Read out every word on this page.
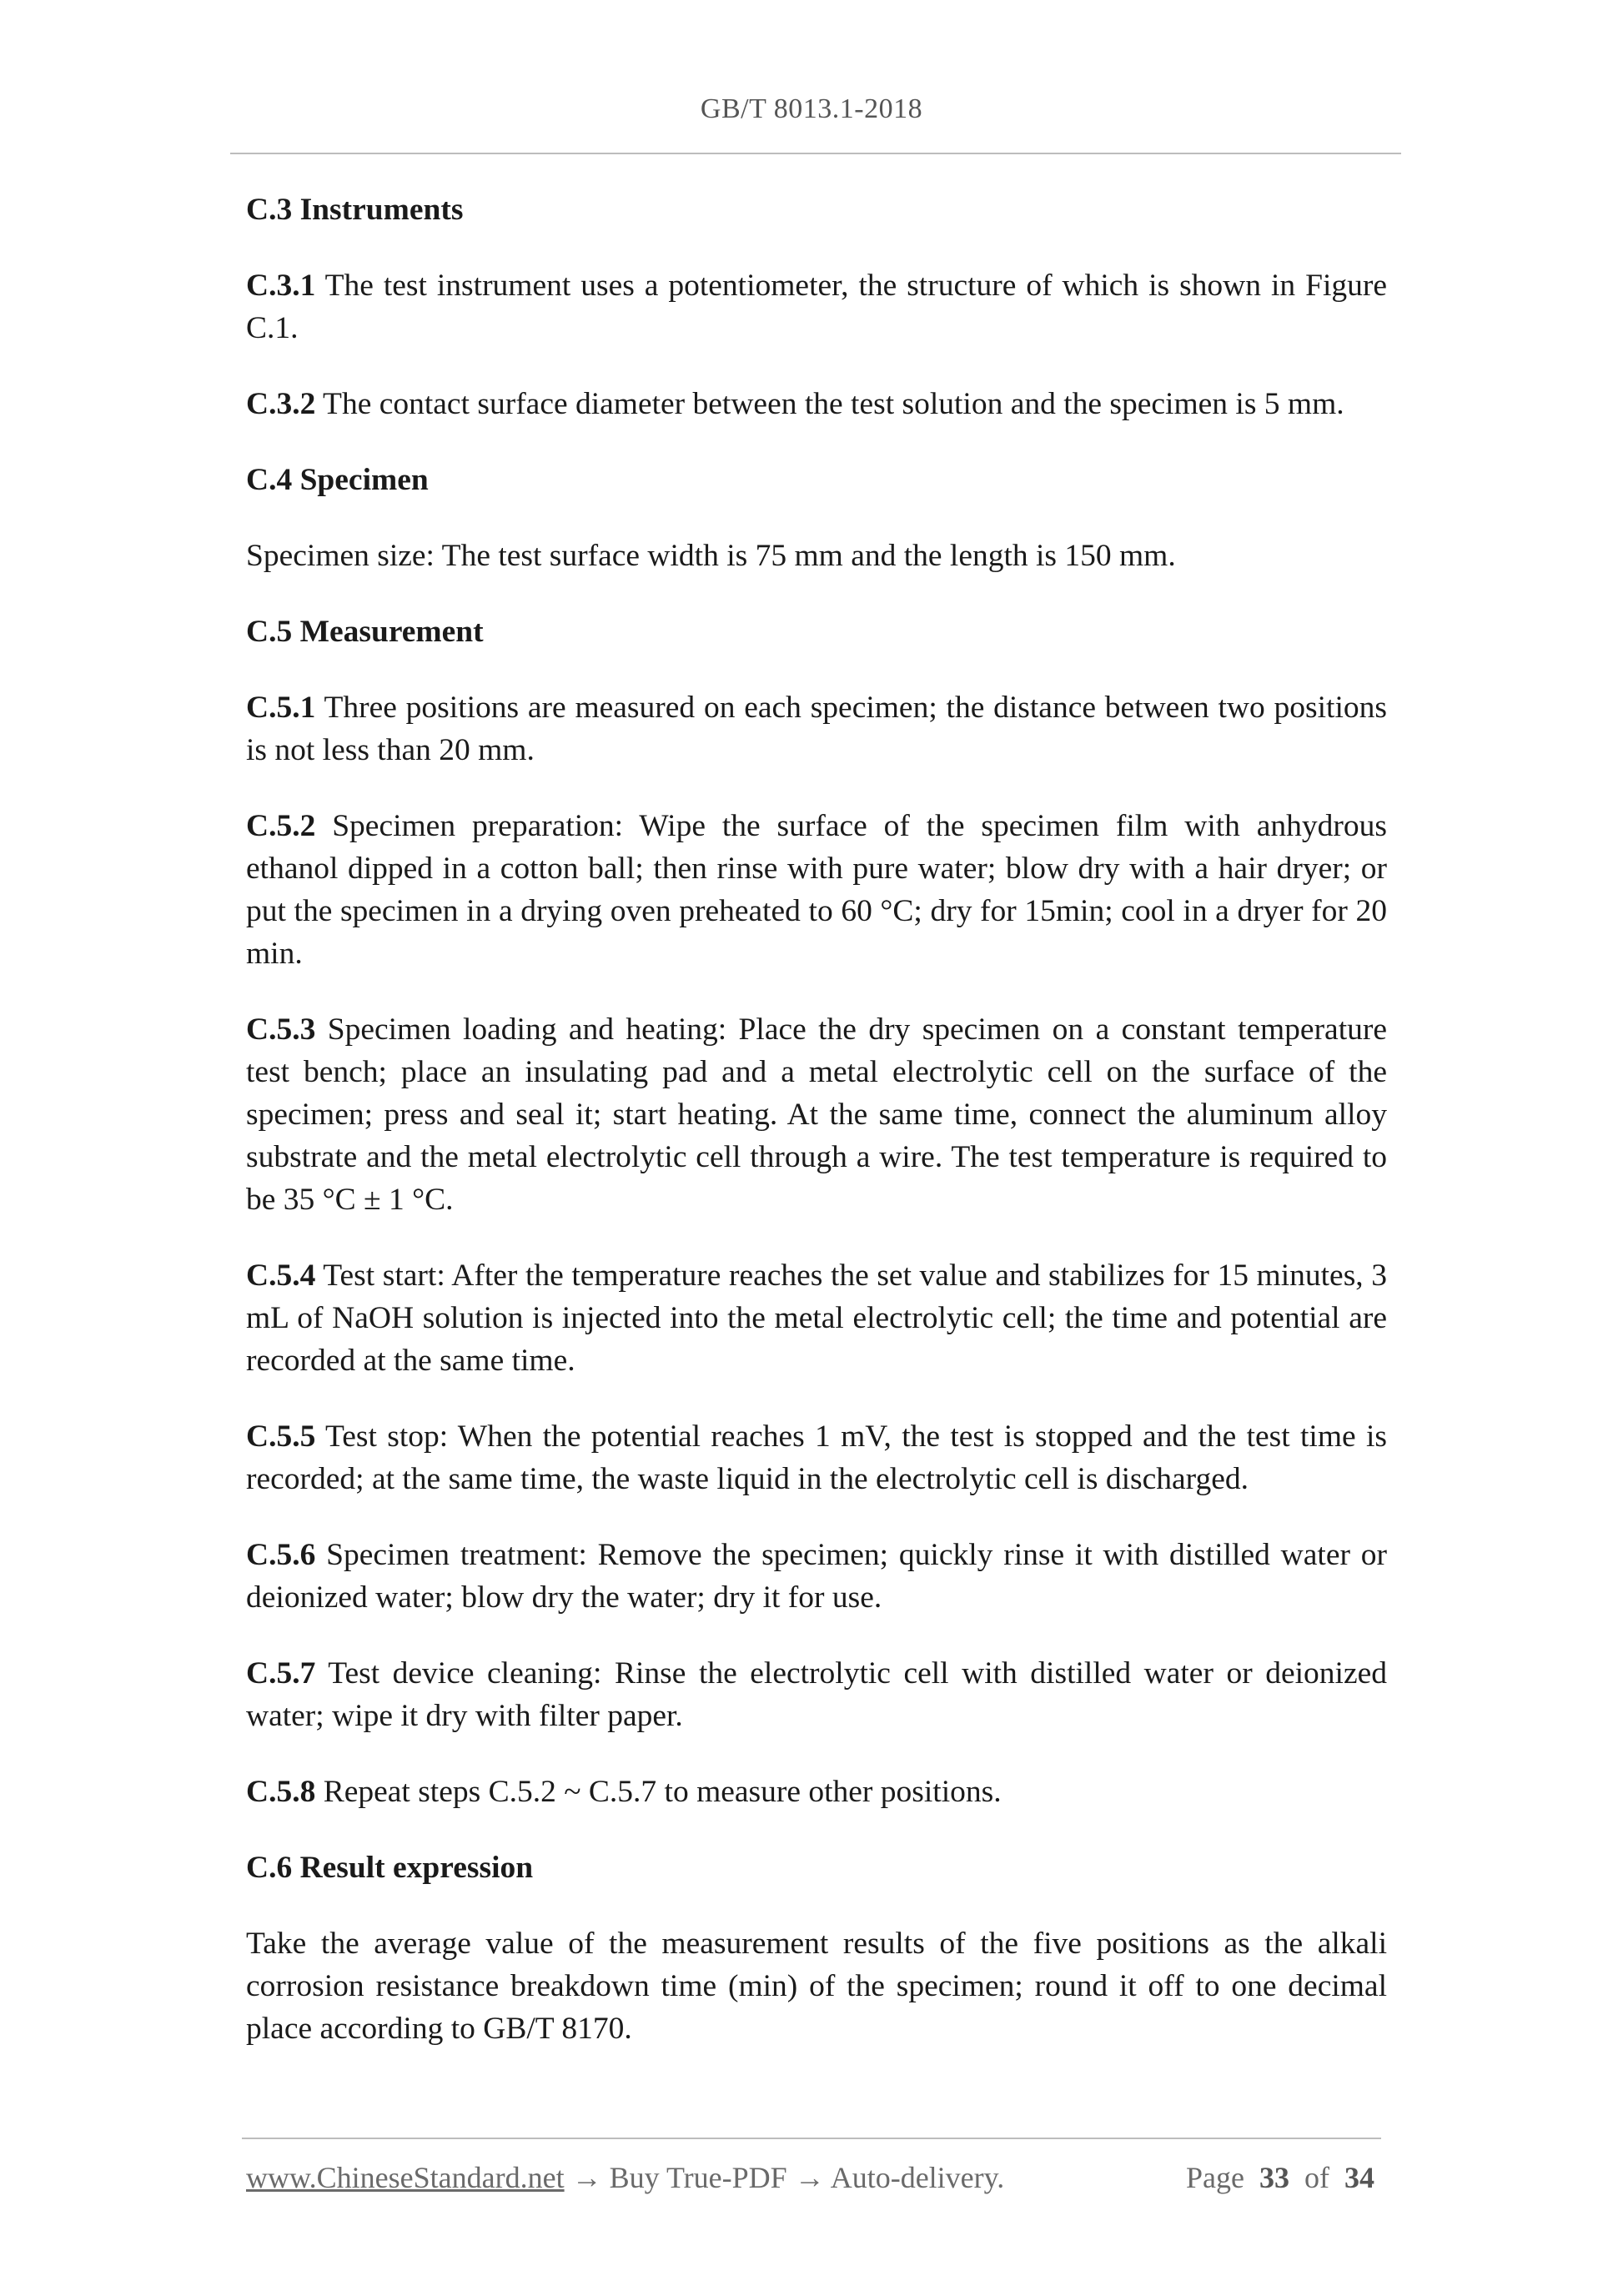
GB/T 8013.1-2018
C.3 Instruments

C.3.1 The test instrument uses a potentiometer, the structure of which is shown in Figure C.1.

C.3.2 The contact surface diameter between the test solution and the specimen is 5 mm.

C.4 Specimen

Specimen size: The test surface width is 75 mm and the length is 150 mm.

C.5 Measurement

C.5.1 Three positions are measured on each specimen; the distance between two positions is not less than 20 mm.

C.5.2 Specimen preparation: Wipe the surface of the specimen film with anhydrous ethanol dipped in a cotton ball; then rinse with pure water; blow dry with a hair dryer; or put the specimen in a drying oven preheated to 60 °C; dry for 15min; cool in a dryer for 20 min.

C.5.3 Specimen loading and heating: Place the dry specimen on a constant temperature test bench; place an insulating pad and a metal electrolytic cell on the surface of the specimen; press and seal it; start heating. At the same time, connect the aluminum alloy substrate and the metal electrolytic cell through a wire. The test temperature is required to be 35 °C ± 1 °C.

C.5.4 Test start: After the temperature reaches the set value and stabilizes for 15 minutes, 3 mL of NaOH solution is injected into the metal electrolytic cell; the time and potential are recorded at the same time.

C.5.5 Test stop: When the potential reaches 1 mV, the test is stopped and the test time is recorded; at the same time, the waste liquid in the electrolytic cell is discharged.

C.5.6 Specimen treatment: Remove the specimen; quickly rinse it with distilled water or deionized water; blow dry the water; dry it for use.

C.5.7 Test device cleaning: Rinse the electrolytic cell with distilled water or deionized water; wipe it dry with filter paper.

C.5.8 Repeat steps C.5.2 ~ C.5.7 to measure other positions.

C.6 Result expression

Take the average value of the measurement results of the five positions as the alkali corrosion resistance breakdown time (min) of the specimen; round it off to one decimal place according to GB/T 8170.

www.ChineseStandard.net → Buy True-PDF → Auto-delivery.	Page 33 of 34
